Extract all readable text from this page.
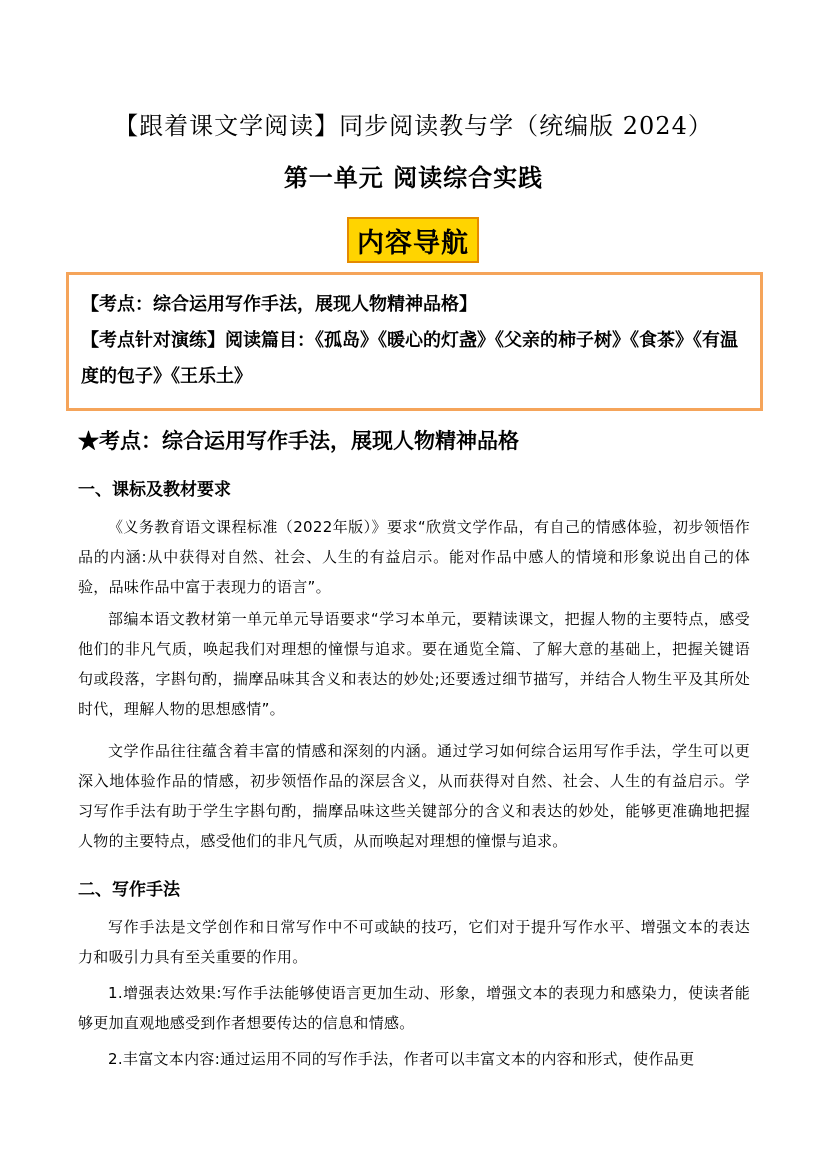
【跟着课文学阅读】同步阅读教与学（统编版 2024）
第一单元 阅读综合实践
内容导航

【考点：综合运用写作手法，展现人物精神品格】

【考点针对演练】阅读篇目：《孤岛》《暖心的灯盏》《父亲的柿子树》《食茶》《有温度的包子》《王乐土》

★考点：综合运用写作手法，展现人物精神品格
一、课标及教材要求

《义务教育语文课程标准（2022年版）》要求“欣赏文学作品，有自己的情感体验，初步领悟作品的内涵:从中获得对自然、社会、人生的有益启示。能对作品中感人的情境和形象说出自己的体验，品味作品中富于表现力的语言”。

部编本语文教材第一单元单元导语要求“学习本单元，要精读课文，把握人物的主要特点，感受他们的非凡气质，唤起我们对理想的憧憬与追求。要在通览全篇、了解大意的基础上，把握关键语句或段落，字斟句酌，揣摩品味其含义和表达的妙处;还要透过细节描写，并结合人物生平及其所处时代，理解人物的思想感情”。

文学作品往往蕴含着丰富的情感和深刻的内涵。通过学习如何综合运用写作手法，学生可以更深入地体验作品的情感，初步领悟作品的深层含义，从而获得对自然、社会、人生的有益启示。学习写作手法有助于学生字斟句酌，揣摩品味这些关键部分的含义和表达的妙处，能够更准确地把握人物的主要特点，感受他们的非凡气质，从而唤起对理想的憧憬与追求。

二、写作手法

写作手法是文学创作和日常写作中不可或缺的技巧，它们对于提升写作水平、增强文本的表达力和吸引力具有至关重要的作用。

1.增强表达效果:写作手法能够使语言更加生动、形象，增强文本的表现力和感染力，使读者能够更加直观地感受到作者想要传达的信息和情感。

2.丰富文本内容:通过运用不同的写作手法，作者可以丰富文本的内容和形式，使作品更
